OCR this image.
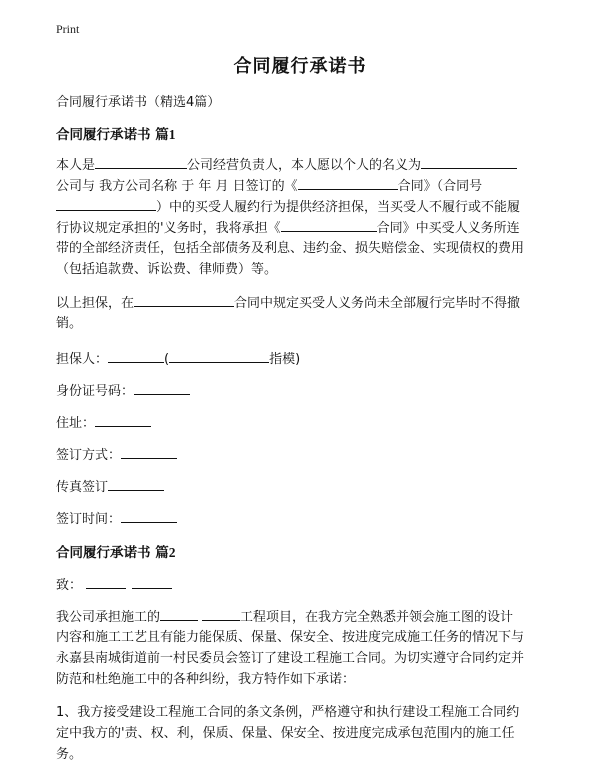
Print
合同履行承诺书
合同履行承诺书（精选4篇）
合同履行承诺书 篇1
本人是	公司经营负责人，本人愿以个人的名义为
公司与 我方公司名称 于 年 月 日签订的《	合同》（合同号
）中的买受人履约行为提供经济担保，当买受人不履行或不能履
行协议规定承担的'义务时，我将承担《	合同》中买受人义务所连
带的全部经济责任，包括全部债务及利息、违约金、损失赔偿金、实现债权的费用
（包括追款费、诉讼费、律师费）等。
以上担保，在	合同中规定买受人义务尚未全部履行完毕时不得撤
销。
担保人：	(	指模)
身份证号码：
住址：
签订方式：
传真签订
签订时间：
合同履行承诺书 篇2
致：
我公司承担施工的	工程项目，在我方完全熟悉并领会施工图的设计
内容和施工工艺且有能力能保质、保量、保安全、按进度完成施工任务的情况下与
永嘉县南城街道前一村民委员会签订了建设工程施工合同。为切实遵守合同约定并
防范和杜绝施工中的各种纠纷，我方特作如下承诺：
1、我方接受建设工程施工合同的条文条例，严格遵守和执行建设工程施工合同约
定中我方的'责、权、利，保质、保量、保安全、按进度完成承包范围内的施工任
务。
